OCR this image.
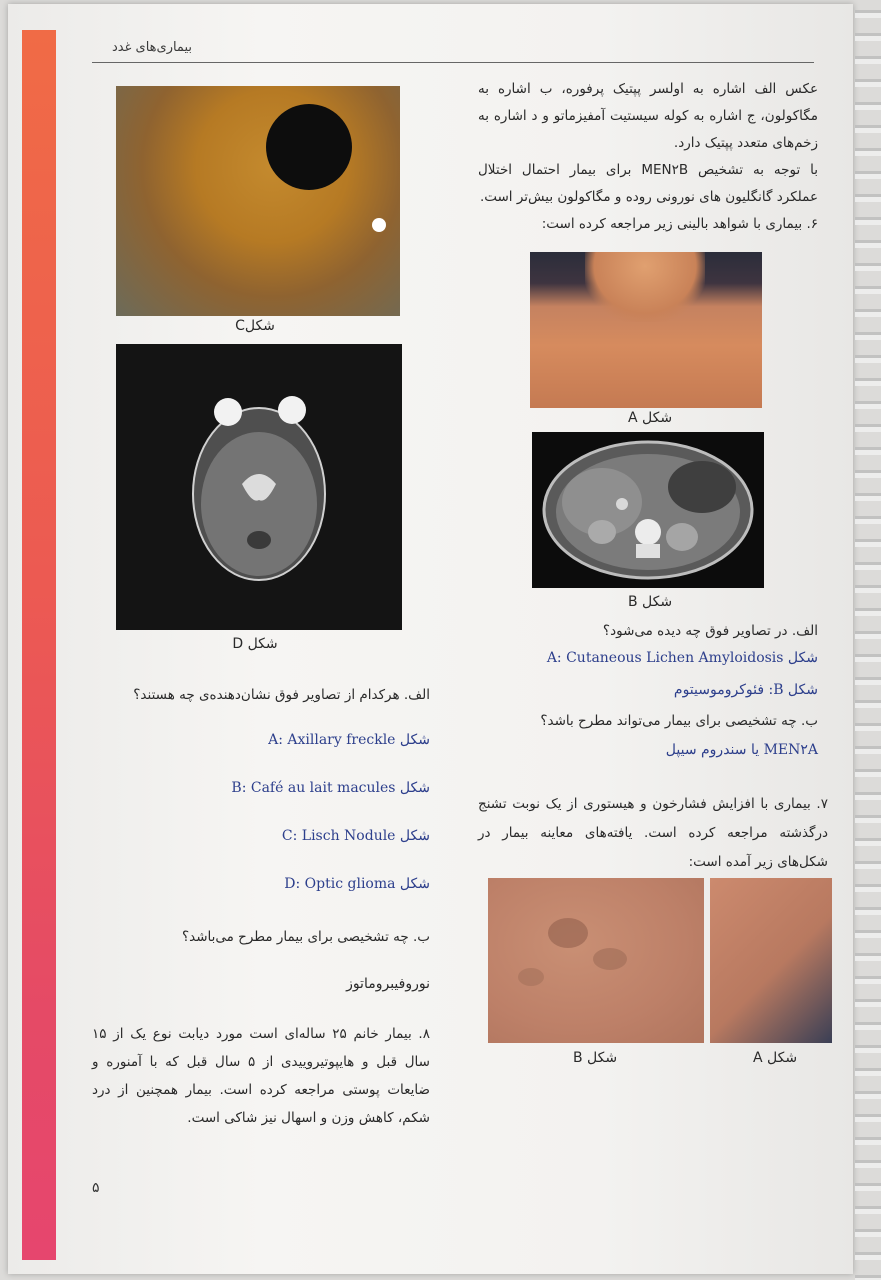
بیماری‌های غدد
عکس الف اشاره به اولسر پپتیک پرفوره، ب اشاره به مگاکولون، ج اشاره به کوله سیستیت آمفیزماتو و د اشاره به زخم‌های متعدد پپتیک دارد.
با توجه به تشخیص MEN۲B برای بیمار احتمال اختلال عملکرد گانگلیون های نورونی روده و مگاکولون بیش‌تر است.
۶. بیماری با شواهد بالینی زیر مراجعه کرده است:
شکل A
شکل B
الف. در تصاویر فوق چه دیده می‌شود؟
شکل A: Cutaneous Lichen Amyloidosis
شکل B: فئوکروموسیتوم
ب. چه تشخیصی برای بیمار می‌تواند مطرح باشد؟
MEN۲A یا سندروم سیپل
۷. بیماری با افزایش فشارخون و هیستوری از یک نوبت تشنج درگذشته مراجعه کرده است. یافته‌های معاینه بیمار در شکل‌های زیر آمده است:
شکل A
شکل B
شکلC
شکل D
الف. هرکدام از تصاویر فوق نشان‌دهنده‌ی چه هستند؟
شکل A: Axillary freckle
شکل B: Café au lait macules
شکل C: Lisch Nodule
شکل D: Optic glioma
ب. چه تشخیصی برای بیمار مطرح می‌باشد؟
نوروفیبروماتوز
۸. بیمار خانم ۲۵ ساله‌ای است مورد دیابت نوع یک از ۱۵ سال قبل و هایپوتیروییدی از ۵ سال قبل که با آمنوره و ضایعات پوستی مراجعه کرده است. بیمار همچنین از درد شکم، کاهش وزن و اسهال نیز شاکی است.
۵
